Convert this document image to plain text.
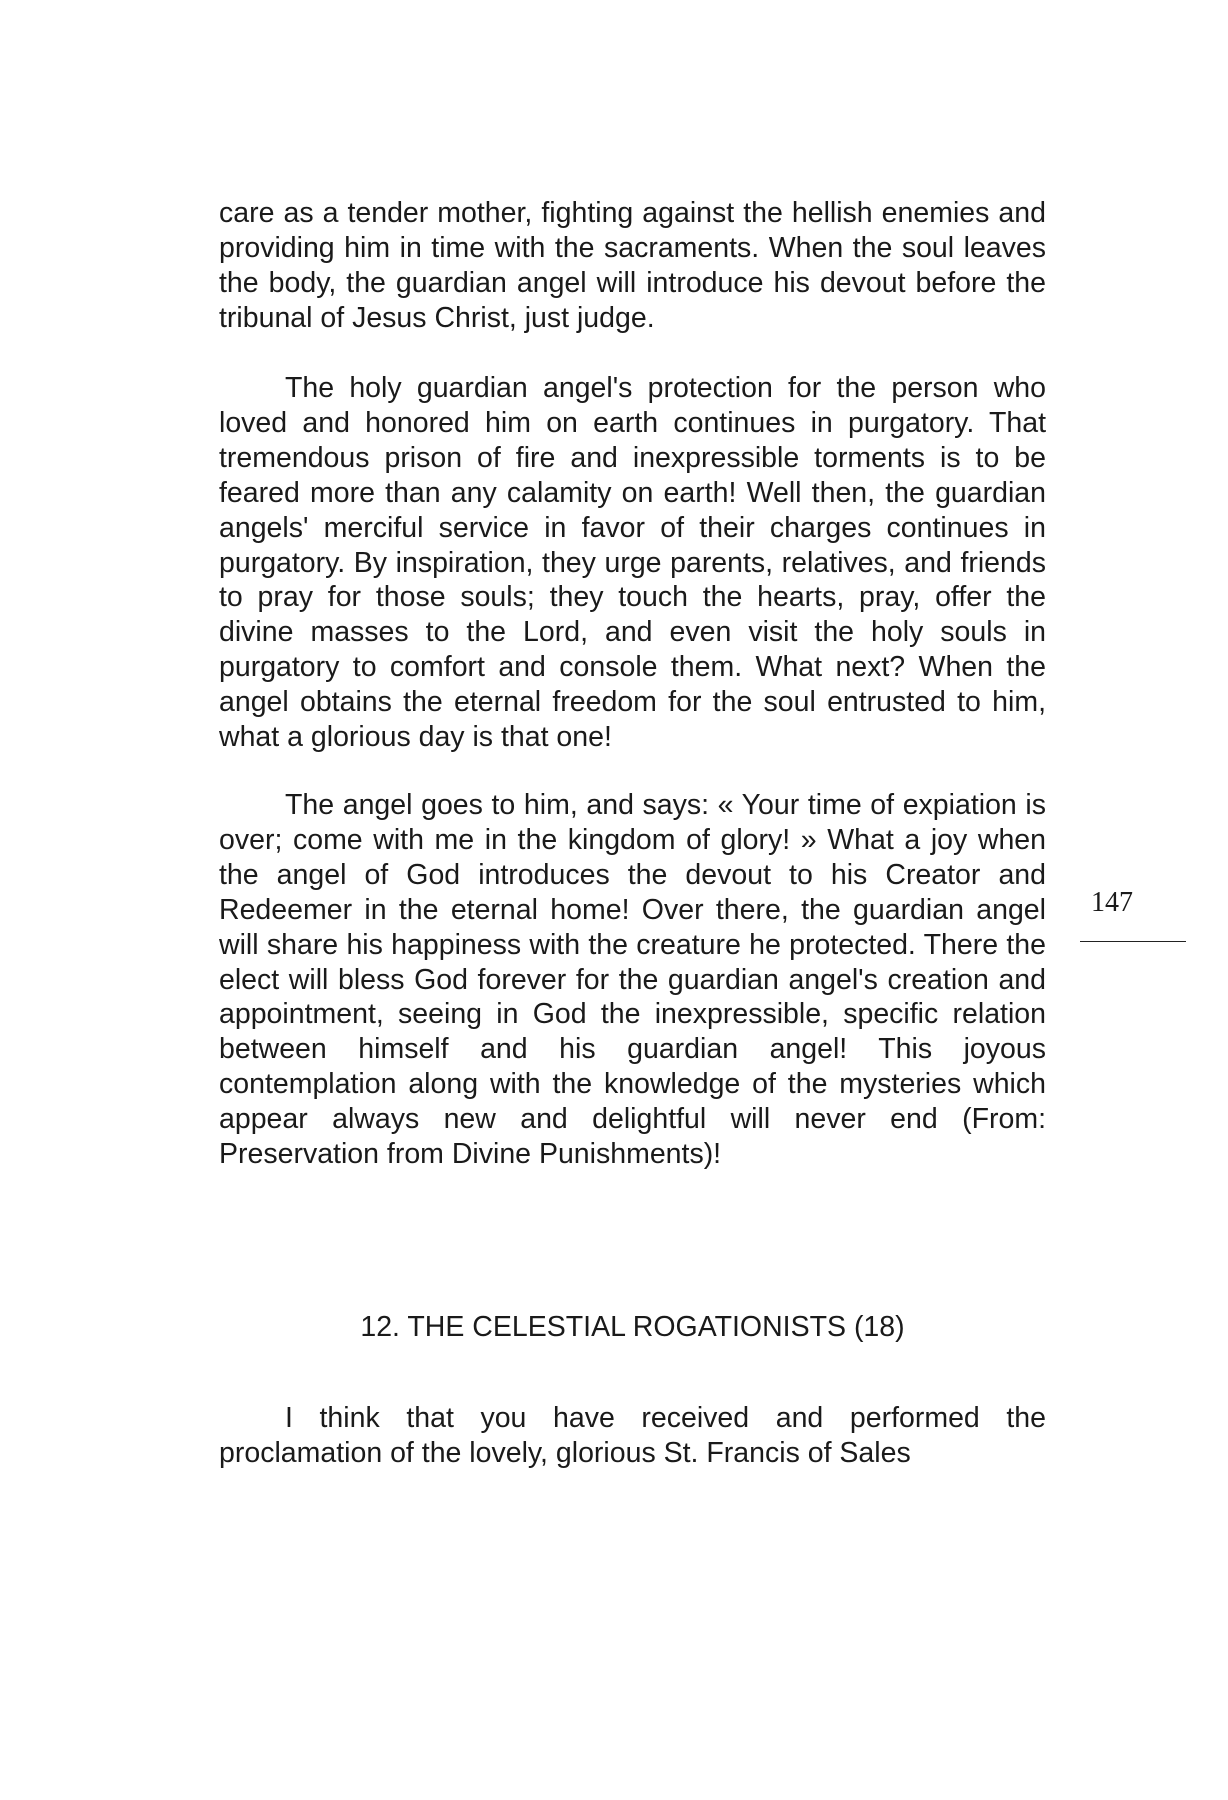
care as a tender mother, fighting against the hellish enemies and providing him in time with the sacraments. When the soul leaves the body, the guardian angel will introduce his devout before the tribunal of Jesus Christ, just judge.

The holy guardian angel's protection for the person who loved and honored him on earth continues in purgatory. That tremendous prison of fire and inexpressible torments is to be feared more than any calamity on earth! Well then, the guardian angels' merciful service in favor of their charges continues in purgatory. By inspiration, they urge parents, relatives, and friends to pray for those souls; they touch the hearts, pray, offer the divine masses to the Lord, and even visit the holy souls in purgatory to comfort and console them. What next? When the angel obtains the eternal freedom for the soul entrusted to him, what a glorious day is that one!

The angel goes to him, and says: « Your time of expiation is over; come with me in the kingdom of glory! » What a joy when the angel of God introduces the devout to his Creator and Redeemer in the eternal home! Over there, the guardian angel will share his happiness with the creature he protected. There the elect will bless God forever for the guardian angel's creation and appointment, seeing in God the inexpressible, specific relation between himself and his guardian angel! This joyous contemplation along with the knowledge of the mysteries which appear always new and delightful will never end (From: Preservation from Divine Punishments)!

12. THE CELESTIAL ROGATIONISTS (18)

I think that you have received and performed the proclamation of the lovely, glorious St. Francis of Sales

147
